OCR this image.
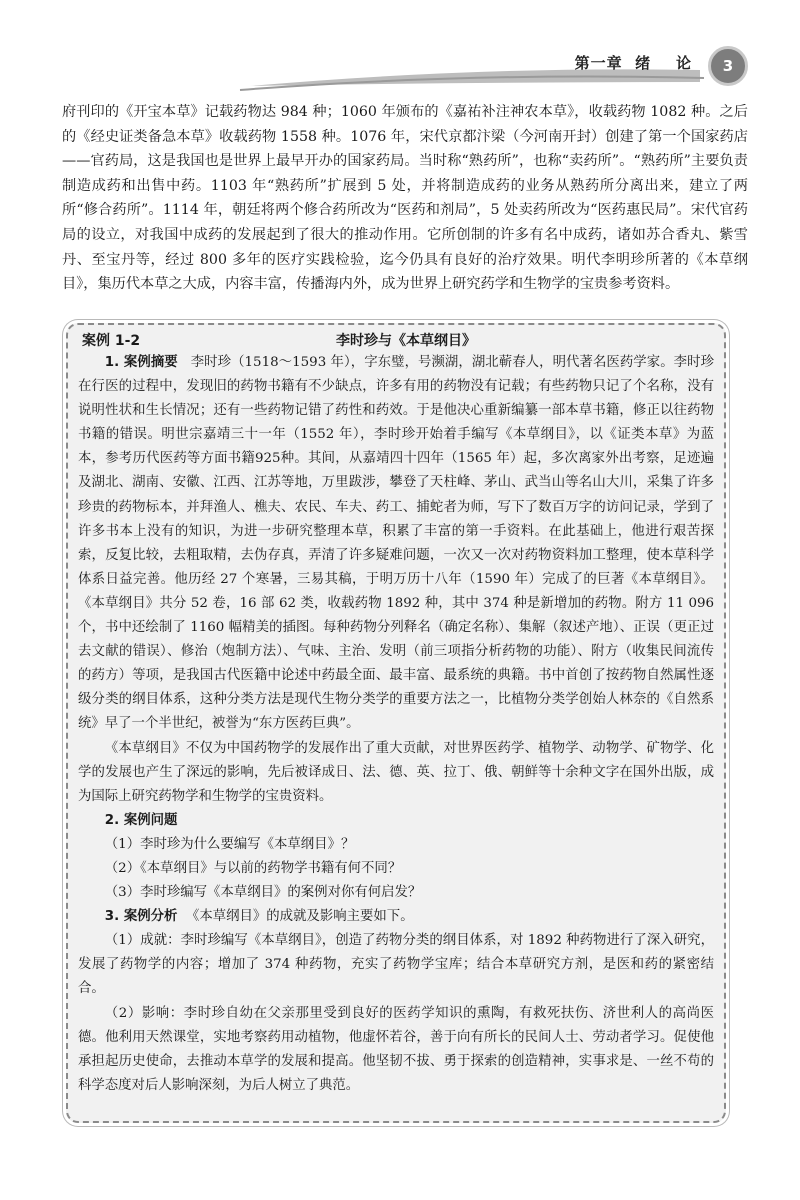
第一章  绪    论	3

府刊印的《开宝本草》记载药物达 984 种；1060 年颁布的《嘉祐补注神农本草》，收载药物 1082 种。之后的《经史证类备急本草》收载药物 1558 种。1076 年，宋代京都汴梁（今河南开封）创建了第一个国家药店——官药局，这是我国也是世界上最早开办的国家药局。当时称“熟药所”，也称“卖药所”。“熟药所”主要负责制造成药和出售中药。1103 年“熟药所”扩展到 5 处，并将制造成药的业务从熟药所分离出来，建立了两所“修合药所”。1114 年，朝廷将两个修合药所改为“医药和剂局”，5 处卖药所改为“医药惠民局”。宋代官药局的设立，对我国中成药的发展起到了很大的推动作用。它所创制的许多有名中成药，诸如苏合香丸、紫雪丹、至宝丹等，经过 800 多年的医疗实践检验，迄今仍具有良好的治疗效果。明代李明珍所著的《本草纲目》，集历代本草之大成，内容丰富，传播海内外，成为世界上研究药学和生物学的宝贵参考资料。

案例 1-2	李时珍与《本草纲目》

1. 案例摘要 李时珍（1518～1593 年），字东璧，号濒湖，湖北蕲春人，明代著名医药学家。李时珍在行医的过程中，发现旧的药物书籍有不少缺点，许多有用的药物没有记载；有些药物只记了个名称，没有说明性状和生长情况；还有一些药物记错了药性和药效。于是他决心重新编纂一部本草书籍，修正以往药物书籍的错误。明世宗嘉靖三十一年（1552 年），李时珍开始着手编写《本草纲目》，以《证类本草》为蓝本，参考历代医药等方面书籍925种。其间，从嘉靖四十四年（1565 年）起，多次离家外出考察，足迹遍及湖北、湖南、安徽、江西、江苏等地，万里跋涉，攀登了天柱峰、茅山、武当山等名山大川，采集了许多珍贵的药物标本，并拜渔人、樵夫、农民、车夫、药工、捕蛇者为师，写下了数百万字的访问记录，学到了许多书本上没有的知识，为进一步研究整理本草，积累了丰富的第一手资料。在此基础上，他进行艰苦探索，反复比较，去粗取精，去伪存真，弄清了许多疑难问题，一次又一次对药物资料加工整理，使本草科学体系日益完善。他历经 27 个寒暑，三易其稿，于明万历十八年（1590 年）完成了的巨著《本草纲目》。《本草纲目》共分 52 卷，16 部 62 类，收载药物 1892 种，其中 374 种是新增加的药物。附方 11 096 个，书中还绘制了 1160 幅精美的插图。每种药物分列释名（确定名称）、集解（叙述产地）、正误（更正过去文献的错误）、修治（炮制方法）、气味、主治、发明（前三项指分析药物的功能）、附方（收集民间流传的药方）等项，是我国古代医籍中论述中药最全面、最丰富、最系统的典籍。书中首创了按药物自然属性逐级分类的纲目体系，这种分类方法是现代生物分类学的重要方法之一，比植物分类学创始人林奈的《自然系统》早了一个半世纪，被誉为“东方医药巨典”。

《本草纲目》不仅为中国药物学的发展作出了重大贡献，对世界医药学、植物学、动物学、矿物学、化学的发展也产生了深远的影响，先后被译成日、法、德、英、拉丁、俄、朝鲜等十余种文字在国外出版，成为国际上研究药物学和生物学的宝贵资料。

2. 案例问题

（1）李时珍为什么要编写《本草纲目》？

（2）《本草纲目》与以前的药物学书籍有何不同？

（3）李时珍编写《本草纲目》的案例对你有何启发？

3. 案例分析 《本草纲目》的成就及影响主要如下。

（1）成就：李时珍编写《本草纲目》，创造了药物分类的纲目体系，对 1892 种药物进行了深入研究，发展了药物学的内容；增加了 374 种药物，充实了药物学宝库；结合本草研究方剂，是医和药的紧密结合。

（2）影响：李时珍自幼在父亲那里受到良好的医药学知识的熏陶，有救死扶伤、济世利人的高尚医德。他利用天然课堂，实地考察药用动植物，他虚怀若谷，善于向有所长的民间人士、劳动者学习。促使他承担起历史使命，去推动本草学的发展和提高。他坚韧不拔、勇于探索的创造精神，实事求是、一丝不苟的科学态度对后人影响深刻，为后人树立了典范。
